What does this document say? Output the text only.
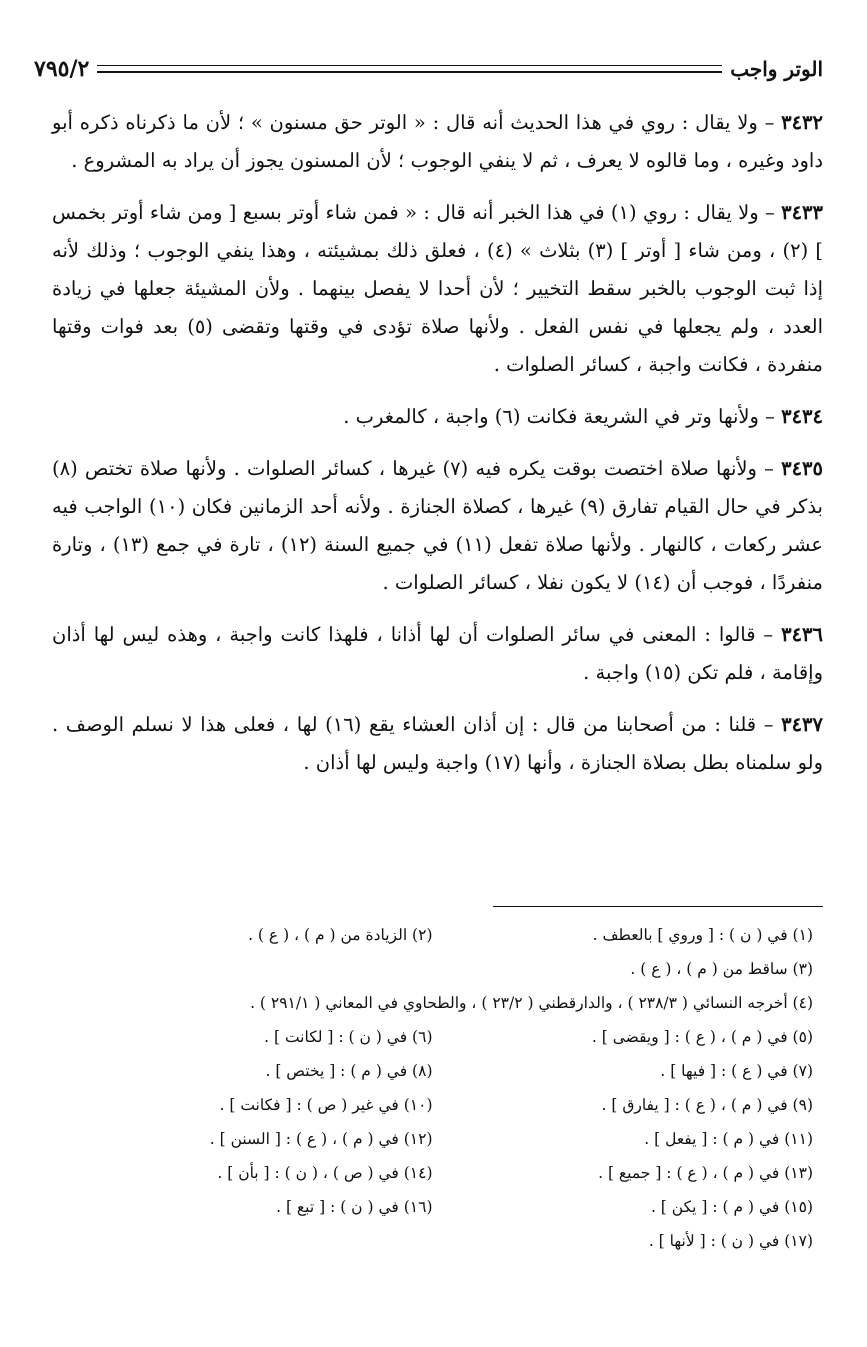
الوتر واجب
٧٩٥/٢

٣٤٣٢ – ولا يقال : روي في هذا الحديث أنه قال : « الوتر حق مسنون » ؛ لأن ما ذكرناه ذكره أبو داود وغيره ، وما قالوه لا يعرف ، ثم لا ينفي الوجوب ؛ لأن المسنون يجوز أن يراد به المشروع .

٣٤٣٣ – ولا يقال : روي (١) في هذا الخبر أنه قال : « فمن شاء أوتر بسبع [ ومن شاء أوتر بخمس ] (٢) ، ومن شاء [ أوتر ] (٣) بثلاث » (٤) ، فعلق ذلك بمشيئته ، وهذا ينفي الوجوب ؛ وذلك لأنه إذا ثبت الوجوب بالخبر سقط التخيير ؛ لأن أحدا لا يفصل بينهما . ولأن المشيئة جعلها في زيادة العدد ، ولم يجعلها في نفس الفعل . ولأنها صلاة تؤدى في وقتها وتقضى (٥) بعد فوات وقتها منفردة ، فكانت واجبة ، كسائر الصلوات .

٣٤٣٤ – ولأنها وتر في الشريعة فكانت (٦) واجبة ، كالمغرب .

٣٤٣٥ – ولأنها صلاة اختصت بوقت يكره فيه (٧) غيرها ، كسائر الصلوات . ولأنها صلاة تختص (٨) بذكر في حال القيام تفارق (٩) غيرها ، كصلاة الجنازة . ولأنه أحد الزمانين فكان (١٠) الواجب فيه عشر ركعات ، كالنهار . ولأنها صلاة تفعل (١١) في جميع السنة (١٢) ، تارة في جمع (١٣) ، وتارة منفردًا ، فوجب أن (١٤) لا يكون نفلا ، كسائر الصلوات .

٣٤٣٦ – قالوا : المعنى في سائر الصلوات أن لها أذانا ، فلهذا كانت واجبة ، وهذه ليس لها أذان وإقامة ، فلم تكن (١٥) واجبة .

٣٤٣٧ – قلنا : من أصحابنا من قال : إن أذان العشاء يقع (١٦) لها ، فعلى هذا لا نسلم الوصف . ولو سلمناه بطل بصلاة الجنازة ، وأنها (١٧) واجبة وليس لها أذان .

(١) في ( ن ) : [ وروي ] بالعطف .
(٢) الزيادة من ( م ) ، ( ع ) .
(٣) ساقط من ( م ) ، ( ع ) .
(٤) أخرجه النسائي ( ٢٣٨/٣ ) ، والدارقطني ( ٢٣/٢ ) ، والطحاوي في المعاني ( ٢٩١/١ ) .
(٥) في ( م ) ، ( ع ) : [ ويقضى ] .
(٦) في ( ن ) : [ لكانت ] .
(٧) في ( ع ) : [ فيها ] .
(٨) في ( م ) : [ يختص ] .
(٩) في ( م ) ، ( ع ) : [ يفارق ] .
(١٠) في غير ( ص ) : [ فكانت ] .
(١١) في ( م ) : [ يفعل ] .
(١٢) في ( م ) ، ( ع ) : [ السنن ] .
(١٣) في ( م ) ، ( ع ) : [ جميع ] .
(١٤) في ( ص ) ، ( ن ) : [ بأن ] .
(١٥) في ( م ) : [ يكن ] .
(١٦) في ( ن ) : [ تبع ] .
(١٧) في ( ن ) : [ لأنها ] .
